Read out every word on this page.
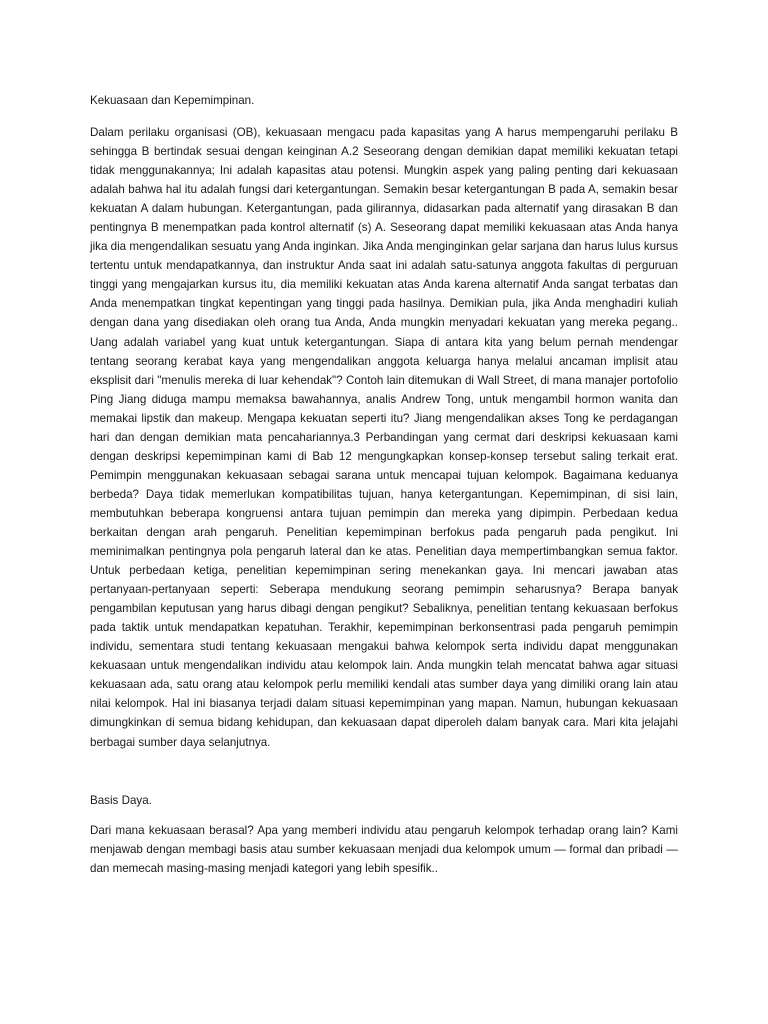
Kekuasaan dan Kepemimpinan.

Dalam perilaku organisasi (OB), kekuasaan mengacu pada kapasitas yang A harus mempengaruhi perilaku B sehingga B bertindak sesuai dengan keinginan A.2 Seseorang dengan demikian dapat memiliki kekuatan tetapi tidak menggunakannya; Ini adalah kapasitas atau potensi. Mungkin aspek yang paling penting dari kekuasaan adalah bahwa hal itu adalah fungsi dari ketergantungan. Semakin besar ketergantungan B pada A, semakin besar kekuatan A dalam hubungan. Ketergantungan, pada gilirannya, didasarkan pada alternatif yang dirasakan B dan pentingnya B menempatkan pada kontrol alternatif (s) A. Seseorang dapat memiliki kekuasaan atas Anda hanya jika dia mengendalikan sesuatu yang Anda inginkan. Jika Anda menginginkan gelar sarjana dan harus lulus kursus tertentu untuk mendapatkannya, dan instruktur Anda saat ini adalah satu-satunya anggota fakultas di perguruan tinggi yang mengajarkan kursus itu, dia memiliki kekuatan atas Anda karena alternatif Anda sangat terbatas dan Anda menempatkan tingkat kepentingan yang tinggi pada hasilnya. Demikian pula, jika Anda menghadiri kuliah dengan dana yang disediakan oleh orang tua Anda, Anda mungkin menyadari kekuatan yang mereka pegang.. Uang adalah variabel yang kuat untuk ketergantungan. Siapa di antara kita yang belum pernah mendengar tentang seorang kerabat kaya yang mengendalikan anggota keluarga hanya melalui ancaman implisit atau eksplisit dari "menulis mereka di luar kehendak"? Contoh lain ditemukan di Wall Street, di mana manajer portofolio Ping Jiang diduga mampu memaksa bawahannya, analis Andrew Tong, untuk mengambil hormon wanita dan memakai lipstik dan makeup. Mengapa kekuatan seperti itu? Jiang mengendalikan akses Tong ke perdagangan hari dan dengan demikian mata pencahariannya.3 Perbandingan yang cermat dari deskripsi kekuasaan kami dengan deskripsi kepemimpinan kami di Bab 12 mengungkapkan konsep-konsep tersebut saling terkait erat. Pemimpin menggunakan kekuasaan sebagai sarana untuk mencapai tujuan kelompok. Bagaimana keduanya berbeda? Daya tidak memerlukan kompatibilitas tujuan, hanya ketergantungan. Kepemimpinan, di sisi lain, membutuhkan beberapa kongruensi antara tujuan pemimpin dan mereka yang dipimpin. Perbedaan kedua berkaitan dengan arah pengaruh. Penelitian kepemimpinan berfokus pada pengaruh pada pengikut. Ini meminimalkan pentingnya pola pengaruh lateral dan ke atas. Penelitian daya mempertimbangkan semua faktor. Untuk perbedaan ketiga, penelitian kepemimpinan sering menekankan gaya. Ini mencari jawaban atas pertanyaan-pertanyaan seperti: Seberapa mendukung seorang pemimpin seharusnya? Berapa banyak pengambilan keputusan yang harus dibagi dengan pengikut? Sebaliknya, penelitian tentang kekuasaan berfokus pada taktik untuk mendapatkan kepatuhan. Terakhir, kepemimpinan berkonsentrasi pada pengaruh pemimpin individu, sementara studi tentang kekuasaan mengakui bahwa kelompok serta individu dapat menggunakan kekuasaan untuk mengendalikan individu atau kelompok lain. Anda mungkin telah mencatat bahwa agar situasi kekuasaan ada, satu orang atau kelompok perlu memiliki kendali atas sumber daya yang dimiliki orang lain atau nilai kelompok. Hal ini biasanya terjadi dalam situasi kepemimpinan yang mapan. Namun, hubungan kekuasaan dimungkinkan di semua bidang kehidupan, dan kekuasaan dapat diperoleh dalam banyak cara. Mari kita jelajahi berbagai sumber daya selanjutnya.

Basis Daya.

Dari mana kekuasaan berasal? Apa yang memberi individu atau pengaruh kelompok terhadap orang lain? Kami menjawab dengan membagi basis atau sumber kekuasaan menjadi dua kelompok umum — formal dan pribadi — dan memecah masing-masing menjadi kategori yang lebih spesifik..
